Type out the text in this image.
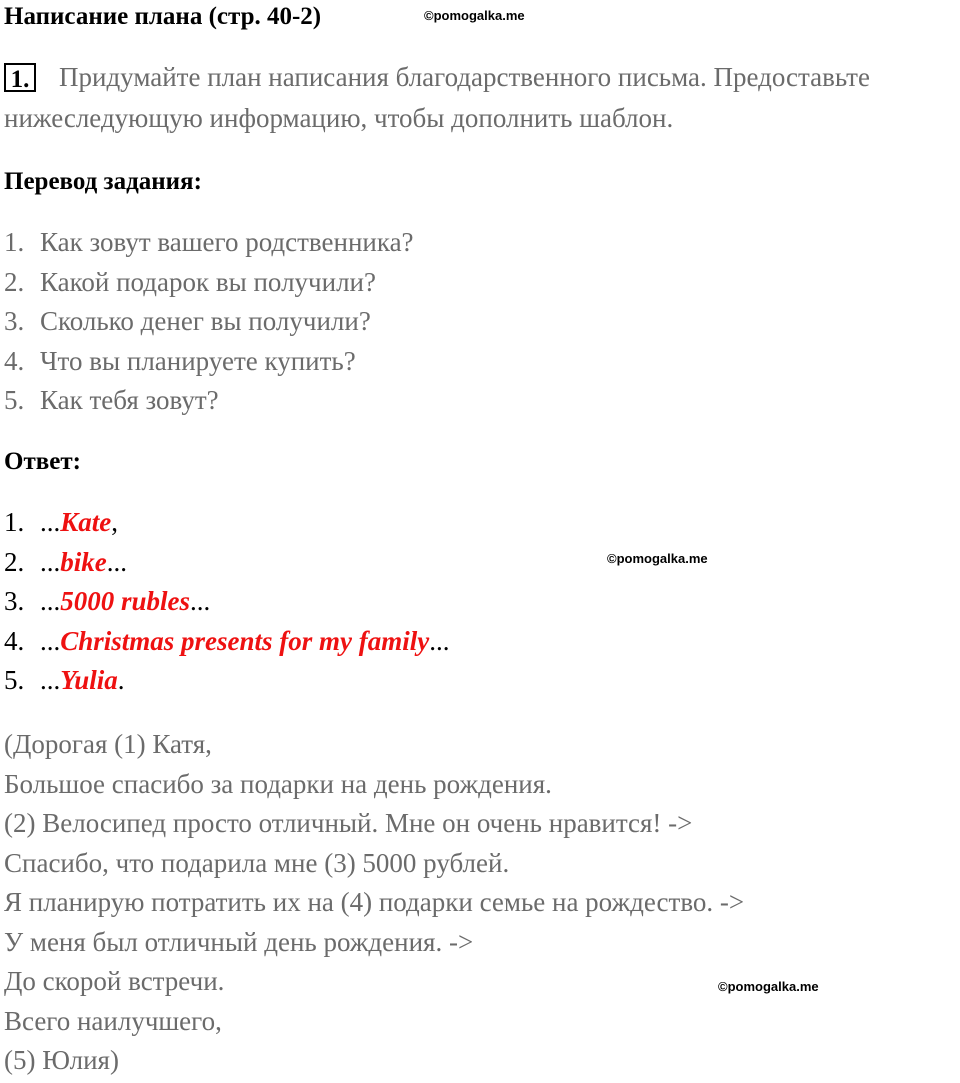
Написание плана (стр. 40-2)	©pomogalka.me
1. Придумайте план написания благодарственного письма. Предоставьте
нижеследующую информацию, чтобы дополнить шаблон.
Перевод задания:
1. Как зовут вашего родственника?
2. Какой подарок вы получили?
3. Сколько денег вы получили?
4. Что вы планируете купить?
5. Как тебя зовут?
Ответ:
1. ...Kate,
2. ...bike...
3. ...5000 rubles...
4. ...Christmas presents for my family...
5. ...Yulia.
©pomogalka.me
(Дорогая (1) Катя,
Большое спасибо за подарки на день рождения.
(2) Велосипед просто отличный. Мне он очень нравится! ->
Спасибо, что подарила мне (3) 5000 рублей.
Я планирую потратить их на (4) подарки семье на рождество. ->
У меня был отличный день рождения. ->
До скорой встречи.
Всего наилучшего,
(5) Юлия)
©pomogalka.me
